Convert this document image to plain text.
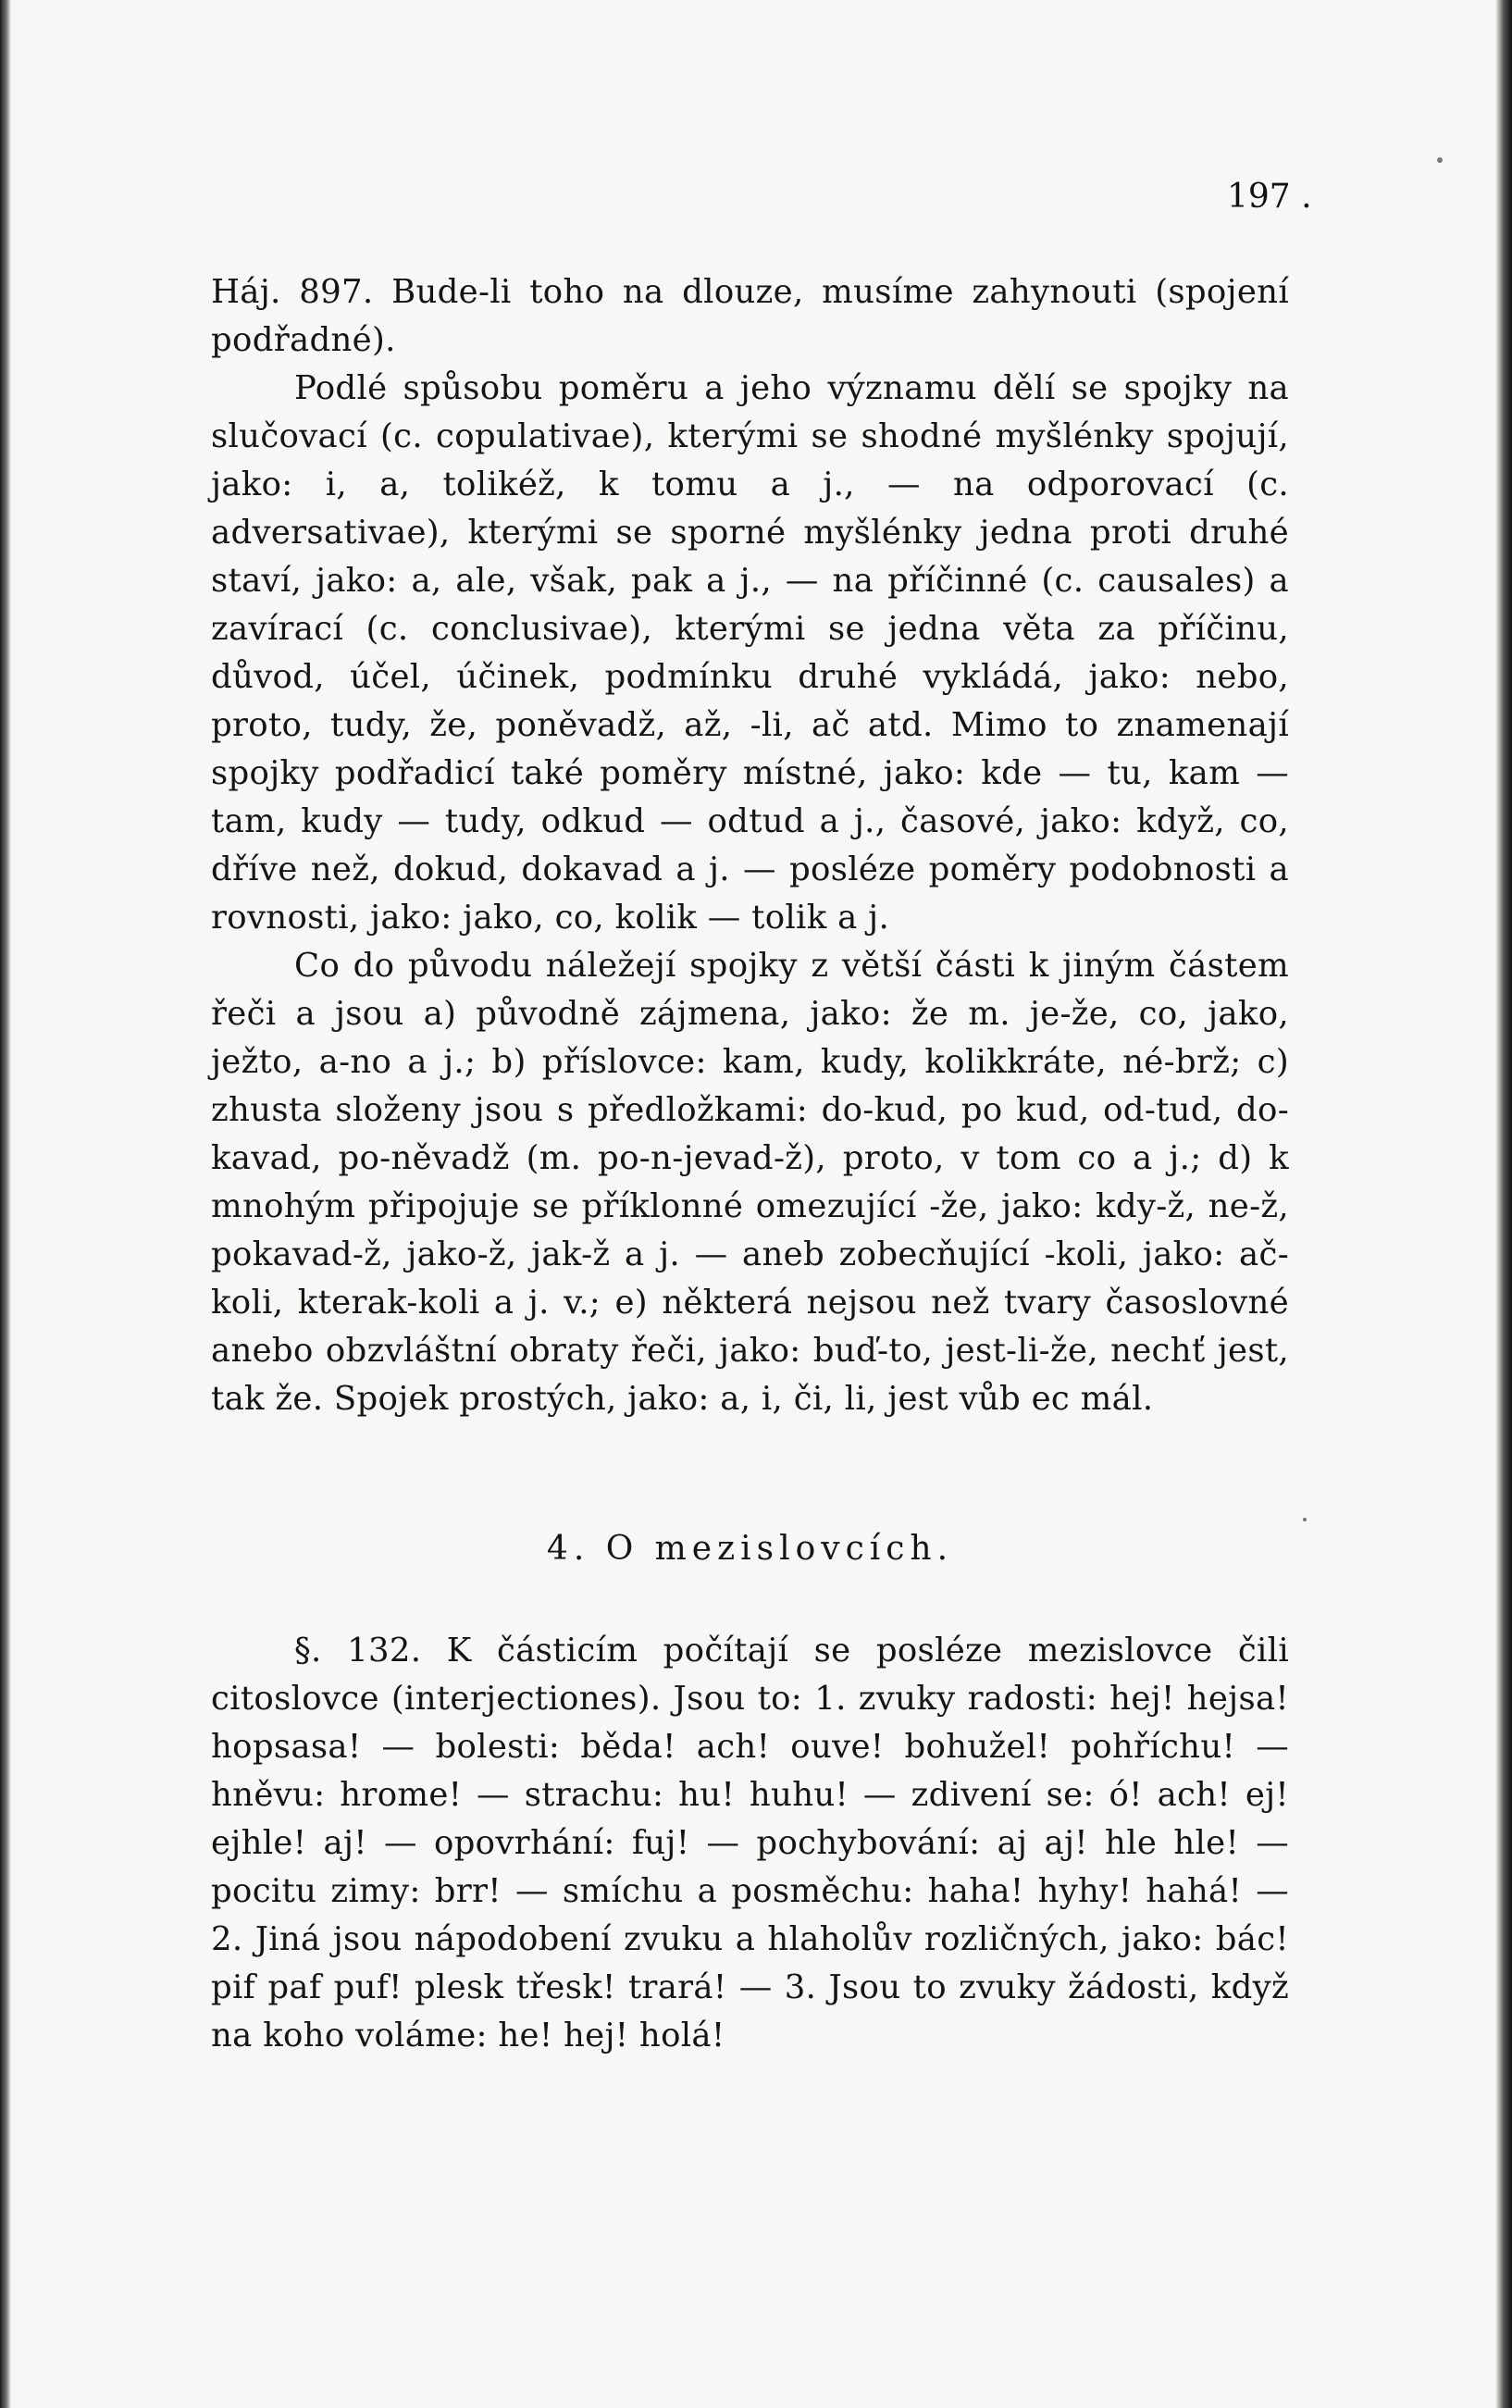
197 .

Háj. 897. Bude-li toho na dlouze, musíme zahynouti (spojení podřadné).

Podlé spůsobu poměru a jeho významu dělí se spojky na slučovací (c. copulativae), kterými se shodné myšlénky spojují, jako: i, a, tolikéž, k tomu a j., — na odporovací (c. adversativae), kterými se sporné myšlénky jedna proti druhé staví, jako: a, ale, však, pak a j., — na příčinné (c. causales) a zavírací (c. conclusivae), kterými se jedna věta za příčinu, důvod, účel, účinek, podmínku druhé vykládá, jako: nebo, proto, tudy, že, poněvadž, až, -li, ač atd. Mimo to znamenají spojky podřadicí také poměry místné, jako: kde — tu, kam — tam, kudy — tudy, odkud — odtud a j., časové, jako: když, co, dříve než, dokud, dokavad a j. — posléze poměry podobnosti a rovnosti, jako: jako, co, kolik — tolik a j.

Co do původu náležejí spojky z větší části k jiným částem řeči a jsou a) původně zájmena, jako: že m. je-že, co, jako, ježto, a-no a j.; b) příslovce: kam, kudy, kolikkráte, né-brž; c) zhusta složeny jsou s předložkami: do-kud, po kud, od-tud, do-kavad, po-něvadž (m. po-n-jevad-ž), proto, v tom co a j.; d) k mnohým připojuje se příklonné omezující -že, jako: kdy-ž, ne-ž, pokavad-ž, jako-ž, jak-ž a j. — aneb zobecňující -koli, jako: ač-koli, kterak-koli a j. v.; e) některá nejsou než tvary časoslovné anebo obzvláštní obraty řeči, jako: buď-to, jest-li-že, nechť jest, tak že. Spojek prostých, jako: a, i, či, li, jest vůb ec mál.

4. O mezislovcích.

§. 132. K částicím počítají se posléze mezislovce čili citoslovce (interjectiones). Jsou to: 1. zvuky radosti: hej! hejsa! hopsasa! — bolesti: běda! ach! ouve! bohužel! pohříchu! — hněvu: hrome! — strachu: hu! huhu! — zdivení se: ó! ach! ej! ejhle! aj! — opovrhání: fuj! — pochybování: aj aj! hle hle! — pocitu zimy: brr! — smíchu a posměchu: haha! hyhy! hahá! — 2. Jiná jsou nápodobení zvuku a hlaholův rozličných, jako: bác! pif paf puf! plesk třesk! trará! — 3. Jsou to zvuky žádosti, když na koho voláme: he! hej! holá!
